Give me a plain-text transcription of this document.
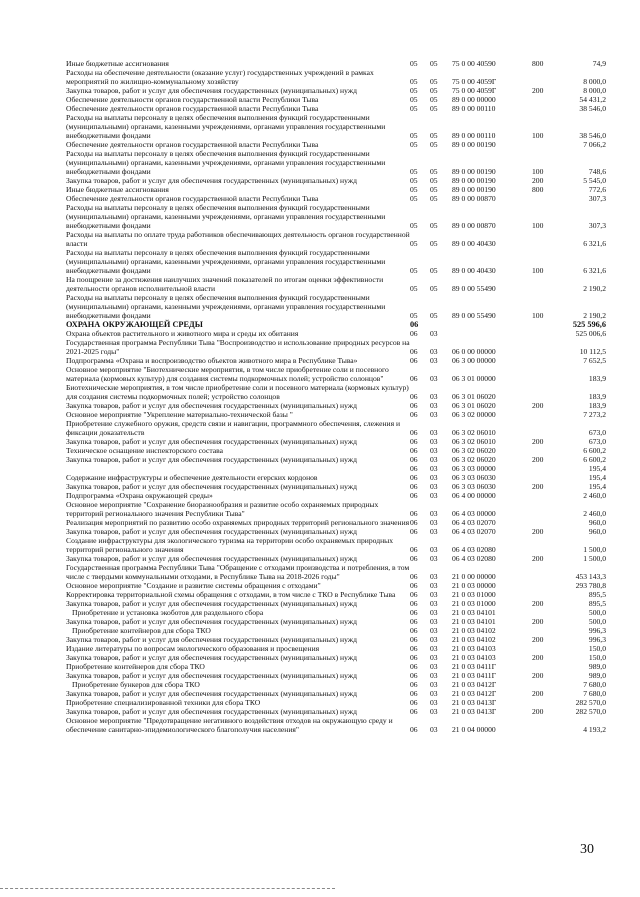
Иные бюджетные ассигнования	05	05	75 0 00 40590	800	74,9
Расходы на обеспечение деятельности (оказание услуг) государственных учреждений в рамках мероприятий по жилищно-коммунальному хозяйству	05	05	75 0 00 4059Г		8 000,0
Закупка товаров, работ и услуг для обеспечения государственных (муниципальных) нужд	05	05	75 0 00 4059Г	200	8 000,0
Обеспечение деятельности органов государственной власти Республики Тыва	05	05	89 0 00 00000		54 431,2
Обеспечение деятельности органов государственной власти Республики Тыва	05	05	89 0 00 00110		38 546,0
Расходы на выплаты персоналу в целях обеспечения выполнения функций государственными (муниципальными) органами, казенными учреждениями, органами управления государственными внебюджетными фондами	05	05	89 0 00 00110	100	38 546,0
Обеспечение деятельности органов государственной власти Республики Тыва	05	05	89 0 00 00190		7 066,2
Расходы на выплаты персоналу в целях обеспечения выполнения функций государственными (муниципальными) органами, казенными учреждениями, органами управления государственными внебюджетными фондами	05	05	89 0 00 00190	100	748,6
Закупка товаров, работ и услуг для обеспечения государственных (муниципальных) нужд	05	05	89 0 00 00190	200	5 545,0
Иные бюджетные ассигнования	05	05	89 0 00 00190	800	772,6
Обеспечение деятельности органов государственной власти Республики Тыва	05	05	89 0 00 00870		307,3
Расходы на выплаты персоналу в целях обеспечения выполнения функций государственными (муниципальными) органами, казенными учреждениями, органами управления государственными внебюджетными фондами	05	05	89 0 00 00870	100	307,3
Расходы на выплаты по оплате труда работников обеспечивающих деятельность органов государственной власти	05	05	89 0 00 40430		6 321,6
Расходы на выплаты персоналу в целях обеспечения выполнения функций государственными (муниципальными) органами, казенными учреждениями, органами управления государственными внебюджетными фондами	05	05	89 0 00 40430	100	6 321,6
На поощрение за достижения наилучших значений показателей по итогам оценки эффективности деятельности органов исполнительной власти	05	05	89 0 00 55490		2 190,2
Расходы на выплаты персоналу в целях обеспечения выполнения функций государственными (муниципальными) органами, казенными учреждениями, органами управления государственными внебюджетными фондами	05	05	89 0 00 55490	100	2 190,2
ОХРАНА ОКРУЖАЮЩЕЙ СРЕДЫ	06				525 596,6
Охрана объектов растительного и животного мира и среды их обитания	06	03			525 006,6
Государственная программа Республики Тыва "Воспроизводство и использование природных ресурсов на 2021-2025 годы"	06	03	06 0 00 00000		10 112,5
Подпрограмма «Охрана и воспроизводство объектов животного мира в Республике Тыва»	06	03	06 3 00 00000		7 652,5
Основное мероприятие "Биотехнические мероприятия, в том числе приобретение соли и посевного материала (кормовых культур) для создания системы подкормочных полей; устройство солонцов"	06	03	06 3 01 00000		183,9
Биотехнические мероприятия, в том числе приобретение соли и посевного материала (кормовых культур) для создания системы подкормочных полей; устройство солонцов	06	03	06 3 01 06020		183,9
Закупка товаров, работ и услуг для обеспечения государственных (муниципальных) нужд	06	03	06 3 01 06020	200	183,9
Основное мероприятие "Укрепление материально-технической базы "	06	03	06 3 02 00000		7 273,2
Приобретение служебного оружия, средств связи и навигации, программного обеспечения, слежения и фиксации доказательств	06	03	06 3 02 06010		673,0
Закупка товаров, работ и услуг для обеспечения государственных (муниципальных) нужд	06	03	06 3 02 06010	200	673,0
Техническое оснащение инспекторского состава	06	03	06 3 02 06020		6 600,2
Закупка товаров, работ и услуг для обеспечения государственных (муниципальных) нужд	06	03	06 3 02 06020	200	6 600,2
	06	03	06 3 03 00000		195,4
Содержание инфраструктуры и обеспечение деятельности егерских кордонов	06	03	06 3 03 06030		195,4
Закупка товаров, работ и услуг для обеспечения государственных (муниципальных) нужд	06	03	06 3 03 06030	200	195,4
Подпрограмма «Охрана окружающей среды»	06	03	06 4 00 00000		2 460,0
Основное мероприятие "Сохранение биоразнообразия и развитие особо охраняемых природных территорий регионального значения Республики Тыва"	06	03	06 4 03 00000		2 460,0
Реализация мероприятий по развитию особо охраняемых природных территорий регионального значения	06	03	06 4 03 02070		960,0
Закупка товаров, работ и услуг для обеспечения государственных (муниципальных) нужд	06	03	06 4 03 02070	200	960,0
Создание инфраструктуры для экологического туризма на территории особо охраняемых природных территорий регионального значения	06	03	06 4 03 02080		1 500,0
Закупка товаров, работ и услуг для обеспечения государственных (муниципальных) нужд	06	03	06 4 03 02080	200	1 500,0
Государственная программа Республики Тыва "Обращение с отходами производства и потребления, в том числе с твердыми коммунальными отходами, в Республике Тыва на 2018-2026 годы"	06	03	21 0 00 00000		453 143,3
Основное мероприятие "Создание и развитие системы обращения с отходами"	06	03	21 0 03 00000		293 780,8
Корректировка территориальной схемы обращения с отходами, в том числе с ТКО в Республике Тыва	06	03	21 0 03 01000		895,5
Закупка товаров, работ и услуг для обеспечения государственных (муниципальных) нужд	06	03	21 0 03 01000	200	895,5
Приобретение и установка экоботов для раздельного сбора	06	03	21 0 03 04101		500,0
Закупка товаров, работ и услуг для обеспечения государственных (муниципальных) нужд	06	03	21 0 03 04101	200	500,0
Приобретение контейнеров для сбора ТКО	06	03	21 0 03 04102		996,3
Закупка товаров, работ и услуг для обеспечения государственных (муниципальных) нужд	06	03	21 0 03 04102	200	996,3
Издание литературы по вопросам экологического образования и просвещения	06	03	21 0 03 04103		150,0
Закупка товаров, работ и услуг для обеспечения государственных (муниципальных) нужд	06	03	21 0 03 04103	200	150,0
Приобретение контейнеров для сбора ТКО	06	03	21 0 03 0411Г		989,0
Закупка товаров, работ и услуг для обеспечения государственных (муниципальных) нужд	06	03	21 0 03 0411Г	200	989,0
Приобретение бункеров для сбора ТКО	06	03	21 0 03 0412Г		7 680,0
Закупка товаров, работ и услуг для обеспечения государственных (муниципальных) нужд	06	03	21 0 03 0412Г	200	7 680,0
Приобретение специализированной техники для сбора ТКО	06	03	21 0 03 0413Г		282 570,0
Закупка товаров, работ и услуг для обеспечения государственных (муниципальных) нужд	06	03	21 0 03 0413Г	200	282 570,0
Основное мероприятие "Предотвращение негативного воздействия отходов на окружающую среду и обеспечение санитарно-эпидемиологического благополучия населения"	06	03	21 0 04 00000		4 193,2
30
